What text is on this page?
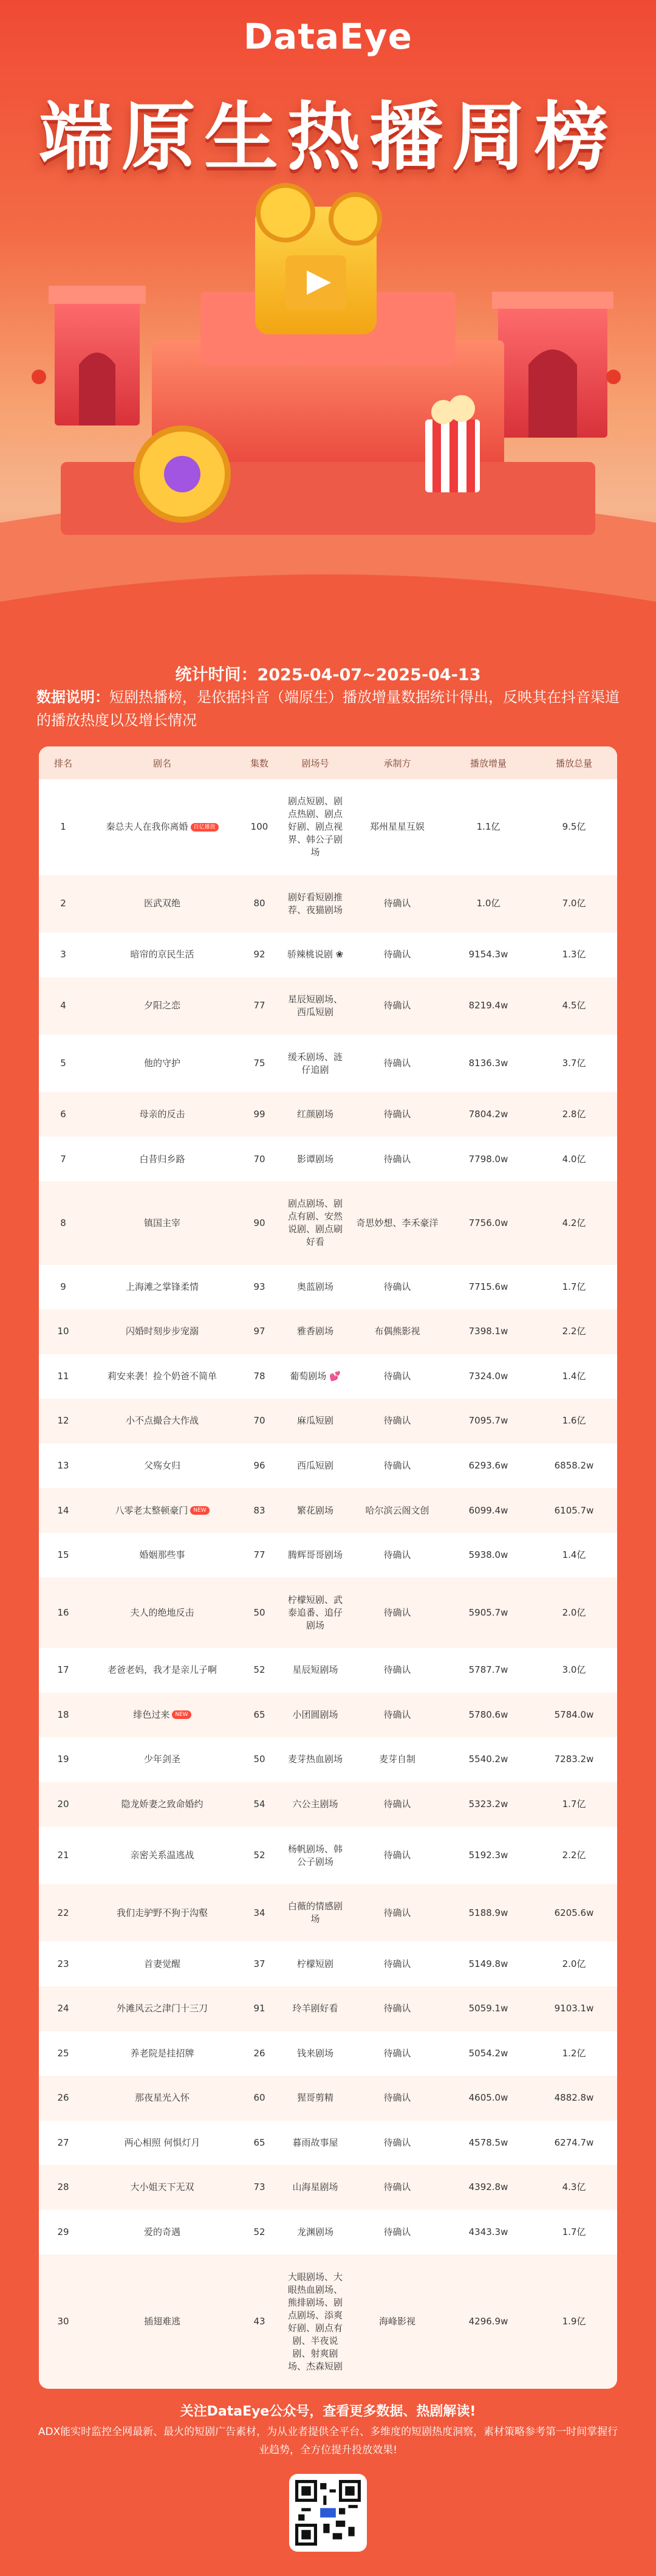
DataEye
端原生热播周榜
统计时间：2025-04-07~2025-04-13
数据说明：短剧热播榜，是依据抖音（端原生）播放增量数据统计得出，反映其在抖音渠道的播放热度以及增长情况
排名	剧名	集数	剧场号	承制方	播放增量	播放总量
1	秦总夫人在我你离婚 百亿播放	100	剧点短剧、剧点热剧、剧点好剧、剧点视界、韩公子剧场	郑州星星互娱	1.1亿	9.5亿
2	医武双绝	80	剧好看短剧推荐、夜猫剧场	待确认	1.0亿	7.0亿
3	暗帘的京民生活	92	骄辣桃说剧 ❀	待确认	9154.3w	1.3亿
4	夕阳之恋	77	星辰短剧场、西瓜短剧	待确认	8219.4w	4.5亿
5	他的守护	75	缓禾剧场、涟仔追剧	待确认	8136.3w	3.7亿
6	母亲的反击	99	红颜剧场	待确认	7804.2w	2.8亿
7	白昔归乡路	70	影谭剧场	待确认	7798.0w	4.0亿
8	镇国主宰	90	剧点剧场、剧点有剧、安然说剧、剧点刷好看	奇思妙想、李禾豪洋	7756.0w	4.2亿
9	上海滩之掌锋柔情	93	奥蓝剧场	待确认	7715.6w	1.7亿
10	闪婚时刻步步宠溺	97	雅香剧场	布偶熊影视	7398.1w	2.2亿
11	莉安来袭！捡个奶爸不简单	78	葡萄剧场 💕	待确认	7324.0w	1.4亿
12	小不点撮合大作战	70	麻瓜短剧	待确认	7095.7w	1.6亿
13	父殇女归	96	西瓜短剧	待确认	6293.6w	6858.2w
14	八零老太整顿豪门 NEW	83	繁花剧场	哈尔滨云阁文创	6099.4w	6105.7w
15	婚姻那些事	77	腾辉哥哥剧场	待确认	5938.0w	1.4亿
16	夫人的绝地反击	50	柠檬短剧、武泰追番、追仔剧场	待确认	5905.7w	2.0亿
17	老爸老妈，我才是亲儿子啊	52	星辰短剧场	待确认	5787.7w	3.0亿
18	绯色过来 NEW	65	小团圆剧场	待确认	5780.6w	5784.0w
19	少年剑圣	50	麦芽热血剧场	麦芽自制	5540.2w	7283.2w
20	隐龙娇妻之致命婚约	54	六公主剧场	待确认	5323.2w	1.7亿
21	亲密关系温逃战	52	杨帆剧场、韩公子剧场	待确认	5192.3w	2.2亿
22	我们走驴野不狗于沟壑	34	白薇的情感剧场	待确认	5188.9w	6205.6w
23	首妻觉醒	37	柠檬短剧	待确认	5149.8w	2.0亿
24	外滩风云之津门十三刀	91	玲羊剧好看	待确认	5059.1w	9103.1w
25	养老院是挂招牌	26	钱来剧场	待确认	5054.2w	1.2亿
26	那夜星光入怀	60	猩哥剪精	待确认	4605.0w	4882.8w
27	两心相照 何惧灯月	65	暮雨故事屋	待确认	4578.5w	6274.7w
28	大小姐天下无双	73	山海星剧场	待确认	4392.8w	4.3亿
29	爱的奇遇	52	龙渊剧场	待确认	4343.3w	1.7亿
30	插翅难逃	43	大眼剧场、大眼热血剧场、熊排剧场、剧点剧场、添爽好剧、剧点有剧、半夜说剧、射爽剧场、杰森短剧	海峰影视	4296.9w	1.9亿
关注DataEye公众号，查看更多数据、热剧解读!
ADX能实时监控全网最新、最火的短剧广告素材，为从业者提供全平台、多维度的短剧热度洞察，素材策略参考第一时间掌握行业趋势，全方位提升投放效果!
